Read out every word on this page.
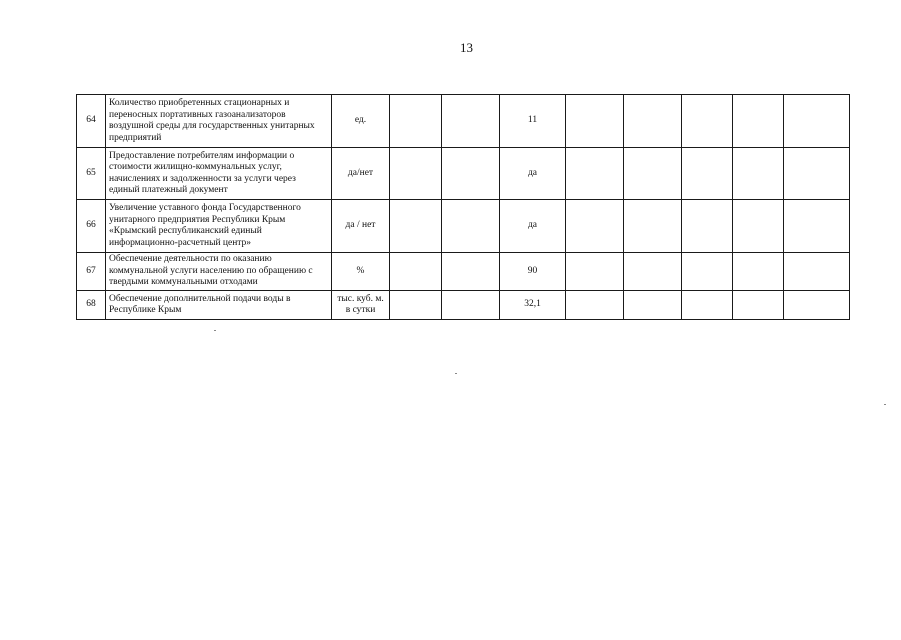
13
64	Количество приобретенных стационарных и переносных портативных газоанализаторов воздушной среды для государственных унитарных предприятий	ед.			11					
65	Предоставление потребителям информации о стоимости жилищно-коммунальных услуг, начислениях и задолженности за услуги через единый платежный документ	да/нет			да					
66	Увеличение уставного фонда Государственного унитарного предприятия Республики Крым «Крымский республиканский единый информационно-расчетный центр»	да / нет			да					
67	Обеспечение деятельности по оказанию коммунальной услуги населению по обращению с твердыми коммунальными отходами	%			90					
68	Обеспечение дополнительной подачи воды в Республике Крым	тыс. куб. м. в сутки			32,1					
